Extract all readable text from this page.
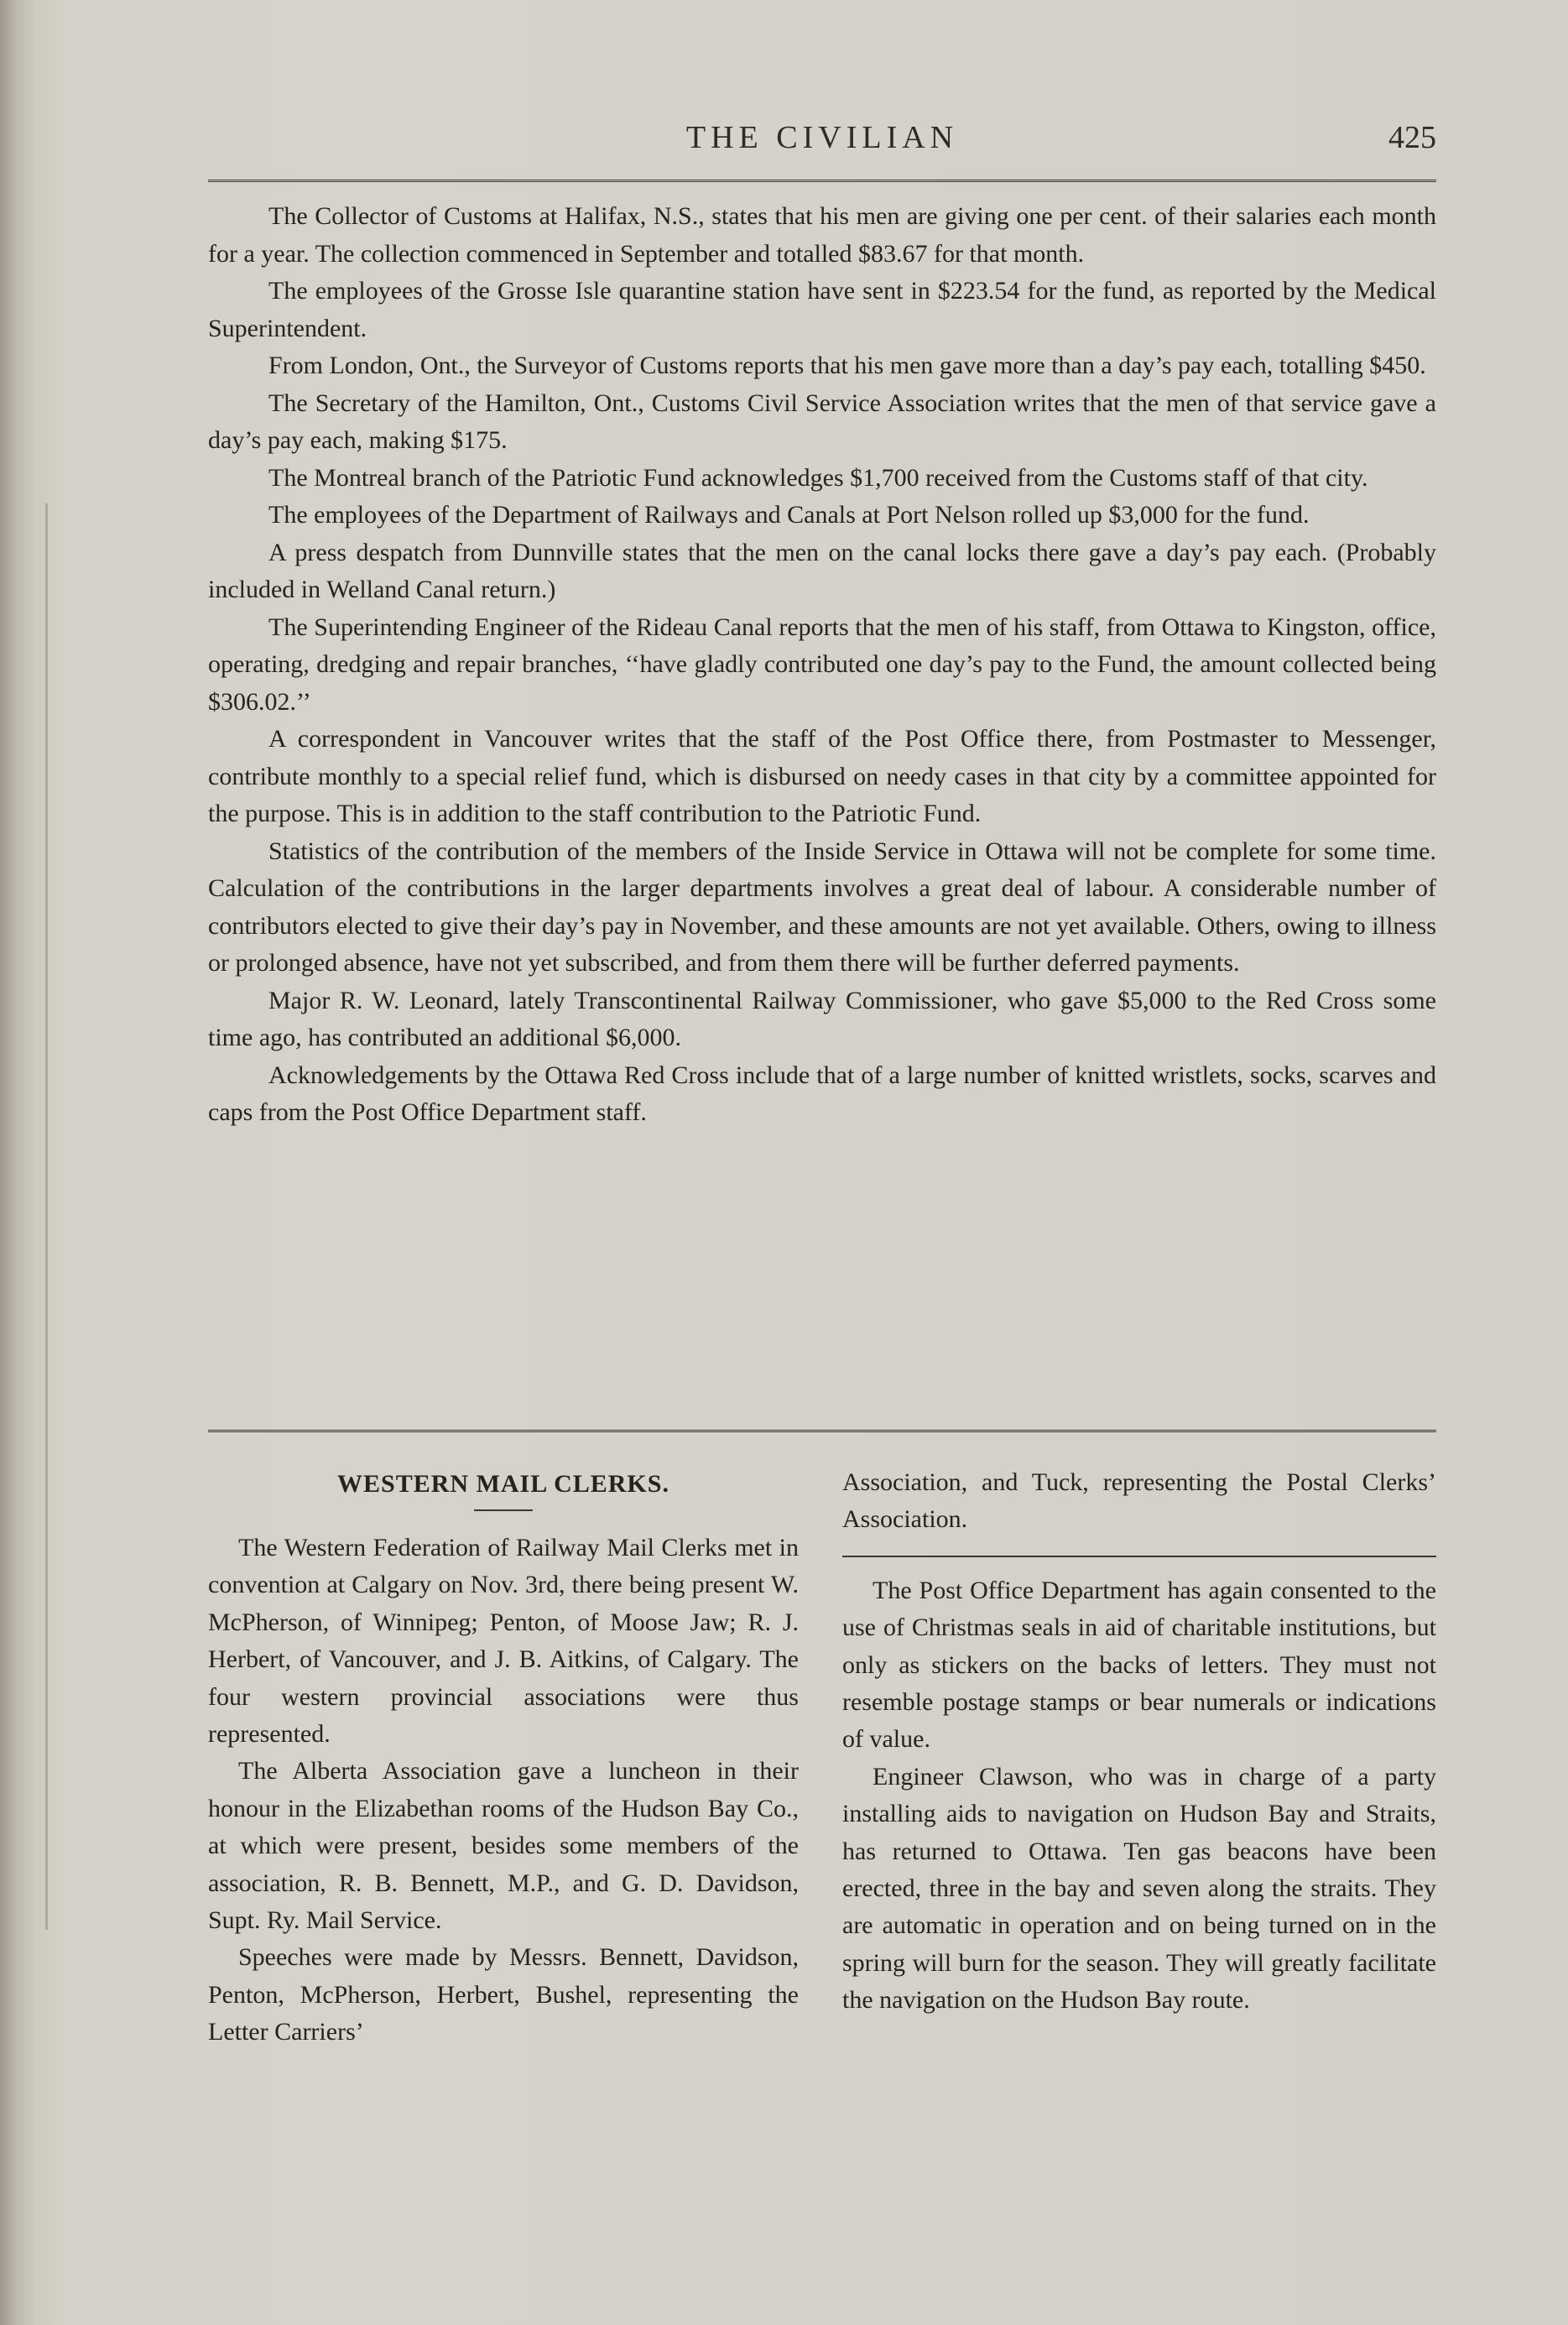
THE CIVILIAN	425

The Collector of Customs at Halifax, N.S., states that his men are giving one per cent. of their salaries each month for a year. The collection commenced in September and totalled $83.67 for that month.

The employees of the Grosse Isle quarantine station have sent in $223.54 for the fund, as reported by the Medical Superintendent.

From London, Ont., the Surveyor of Customs reports that his men gave more than a day’s pay each, totalling $450.

The Secretary of the Hamilton, Ont., Customs Civil Service Association writes that the men of that service gave a day’s pay each, making $175.

The Montreal branch of the Patriotic Fund acknowledges $1,700 received from the Customs staff of that city.

The employees of the Department of Railways and Canals at Port Nelson rolled up $3,000 for the fund.

A press despatch from Dunnville states that the men on the canal locks there gave a day’s pay each. (Probably included in Welland Canal return.)

The Superintending Engineer of the Rideau Canal reports that the men of his staff, from Ottawa to Kingston, office, operating, dredging and repair branches, ‘‘have gladly contributed one day’s pay to the Fund, the amount collected being $306.02.’’

A correspondent in Vancouver writes that the staff of the Post Office there, from Postmaster to Messenger, contribute monthly to a special relief fund, which is disbursed on needy cases in that city by a committee appointed for the purpose. This is in addition to the staff contribution to the Patriotic Fund.

Statistics of the contribution of the members of the Inside Service in Ottawa will not be complete for some time. Calculation of the contributions in the larger departments involves a great deal of labour. A considerable number of contributors elected to give their day’s pay in November, and these amounts are not yet available. Others, owing to illness or prolonged absence, have not yet subscribed, and from them there will be further deferred payments.

Major R. W. Leonard, lately Transcontinental Railway Commissioner, who gave $5,000 to the Red Cross some time ago, has contributed an additional $6,000.

Acknowledgements by the Ottawa Red Cross include that of a large number of knitted wristlets, socks, scarves and caps from the Post Office Department staff.

WESTERN MAIL CLERKS.

The Western Federation of Railway Mail Clerks met in convention at Calgary on Nov. 3rd, there being present W. McPherson, of Winnipeg; Penton, of Moose Jaw; R. J. Herbert, of Vancouver, and J. B. Aitkins, of Calgary. The four western provincial associations were thus represented.

The Alberta Association gave a luncheon in their honour in the Elizabethan rooms of the Hudson Bay Co., at which were present, besides some members of the association, R. B. Bennett, M.P., and G. D. Davidson, Supt. Ry. Mail Service.

Speeches were made by Messrs. Bennett, Davidson, Penton, McPherson, Herbert, Bushel, representing the Letter Carriers’

Association, and Tuck, representing the Postal Clerks’ Association.

The Post Office Department has again consented to the use of Christmas seals in aid of charitable institutions, but only as stickers on the backs of letters. They must not resemble postage stamps or bear numerals or indications of value.

Engineer Clawson, who was in charge of a party installing aids to navigation on Hudson Bay and Straits, has returned to Ottawa. Ten gas beacons have been erected, three in the bay and seven along the straits. They are automatic in operation and on being turned on in the spring will burn for the season. They will greatly facilitate the navigation on the Hudson Bay route.
